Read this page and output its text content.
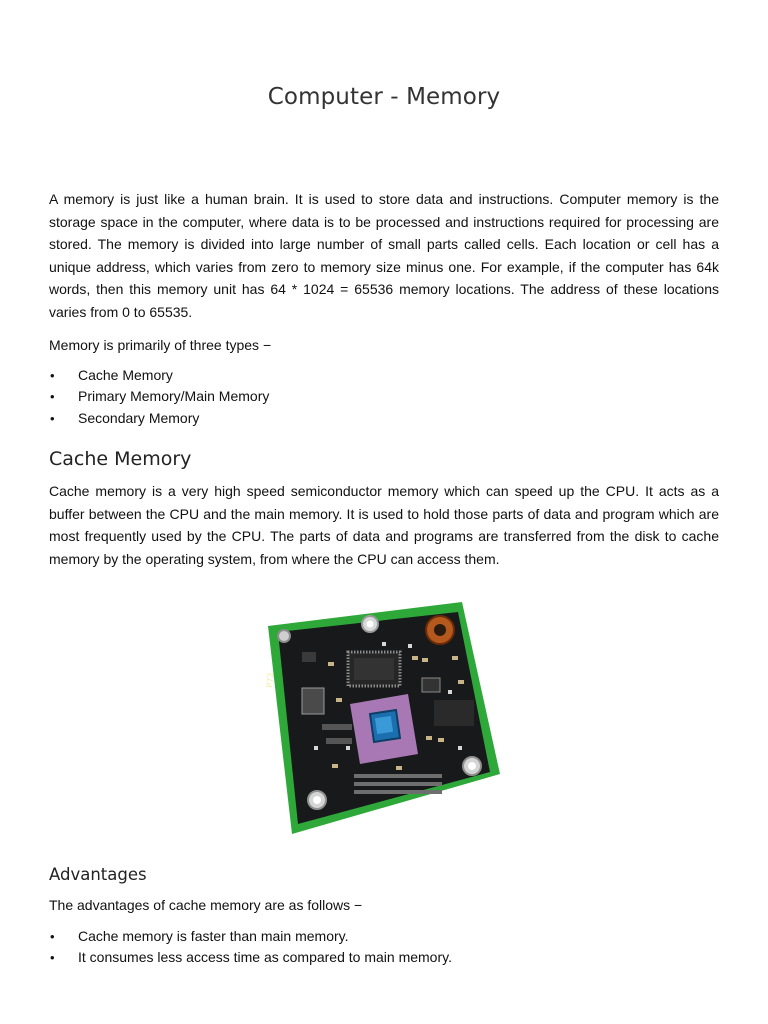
Computer - Memory

A memory is just like a human brain. It is used to store data and instructions. Computer memory is the storage space in the computer, where data is to be processed and instructions required for processing are stored. The memory is divided into large number of small parts called cells. Each location or cell has a unique address, which varies from zero to memory size minus one. For example, if the computer has 64k words, then this memory unit has 64 * 1024 = 65536 memory locations. The address of these locations varies from 0 to 65535.

Memory is primarily of three types −

• Cache Memory
• Primary Memory/Main Memory
• Secondary Memory
Cache Memory

Cache memory is a very high speed semiconductor memory which can speed up the CPU. It acts as a buffer between the CPU and the main memory. It is used to hold those parts of data and program which are most frequently used by the CPU. The parts of data and programs are transferred from the disk to cache memory by the operating system, from where the CPU can access them.

P73
Advantages

The advantages of cache memory are as follows −

• Cache memory is faster than main memory.
• It consumes less access time as compared to main memory.
